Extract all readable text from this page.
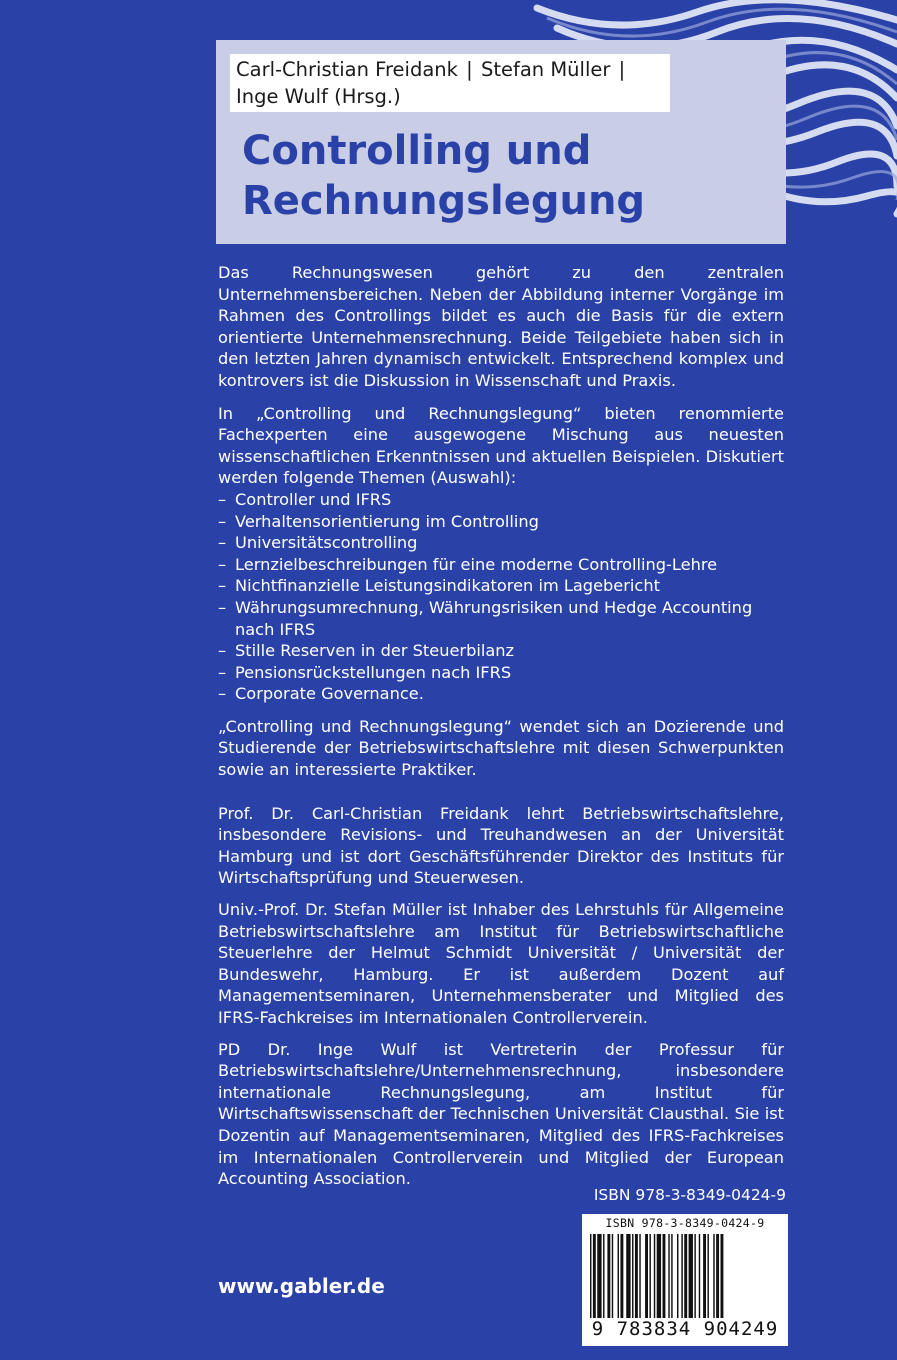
Carl-Christian Freidank | Stefan Müller |
Inge Wulf (Hrsg.)
Controlling und
Rechnungslegung

Das Rechnungswesen gehört zu den zentralen Unternehmensbereichen. Neben der Abbildung interner Vorgänge im Rahmen des Controllings bildet es auch die Basis für die extern orientierte Unternehmensrechnung. Beide Teilgebiete haben sich in den letzten Jahren dynamisch entwickelt. Entsprechend komplex und kontrovers ist die Diskussion in Wissenschaft und Praxis.

In „Controlling und Rechnungslegung“ bieten renommierte Fachexperten eine ausgewogene Mischung aus neuesten wissenschaftlichen Erkenntnissen und aktuellen Beispielen. Diskutiert werden folgende Themen (Auswahl):

– Controller und IFRS
– Verhaltensorientierung im Controlling
– Universitätscontrolling
– Lernzielbeschreibungen für eine moderne Controlling-Lehre
– Nichtfinanzielle Leistungsindikatoren im Lagebericht
– Währungsumrechnung, Währungsrisiken und Hedge Accounting nach IFRS
– Stille Reserven in der Steuerbilanz
– Pensionsrückstellungen nach IFRS
– Corporate Governance.

„Controlling und Rechnungslegung“ wendet sich an Dozierende und Studierende der Betriebswirtschaftslehre mit diesen Schwerpunkten sowie an interessierte Praktiker.

Prof. Dr. Carl-Christian Freidank lehrt Betriebswirtschaftslehre, insbesondere Revisions- und Treuhandwesen an der Universität Hamburg und ist dort Geschäftsführender Direktor des Instituts für Wirtschaftsprüfung und Steuerwesen.

Univ.-Prof. Dr. Stefan Müller ist Inhaber des Lehrstuhls für Allgemeine Betriebswirtschaftslehre am Institut für Betriebswirtschaftliche Steuerlehre der Helmut Schmidt Universität / Universität der Bundeswehr, Hamburg. Er ist außerdem Dozent auf Managementseminaren, Unternehmensberater und Mitglied des IFRS-Fachkreises im Internationalen Controllerverein.

PD Dr. Inge Wulf ist Vertreterin der Professur für Betriebswirtschaftslehre/Unternehmensrechnung, insbesondere internationale Rechnungslegung, am Institut für Wirtschaftswissenschaft der Technischen Universität Clausthal. Sie ist Dozentin auf Managementseminaren, Mitglied des IFRS-Fachkreises im Internationalen Controllerverein und Mitglied der European Accounting Association.

ISBN 978-3-8349-0424-9
ISBN 978-3-8349-0424-9
9 783834 904249
www.gabler.de
